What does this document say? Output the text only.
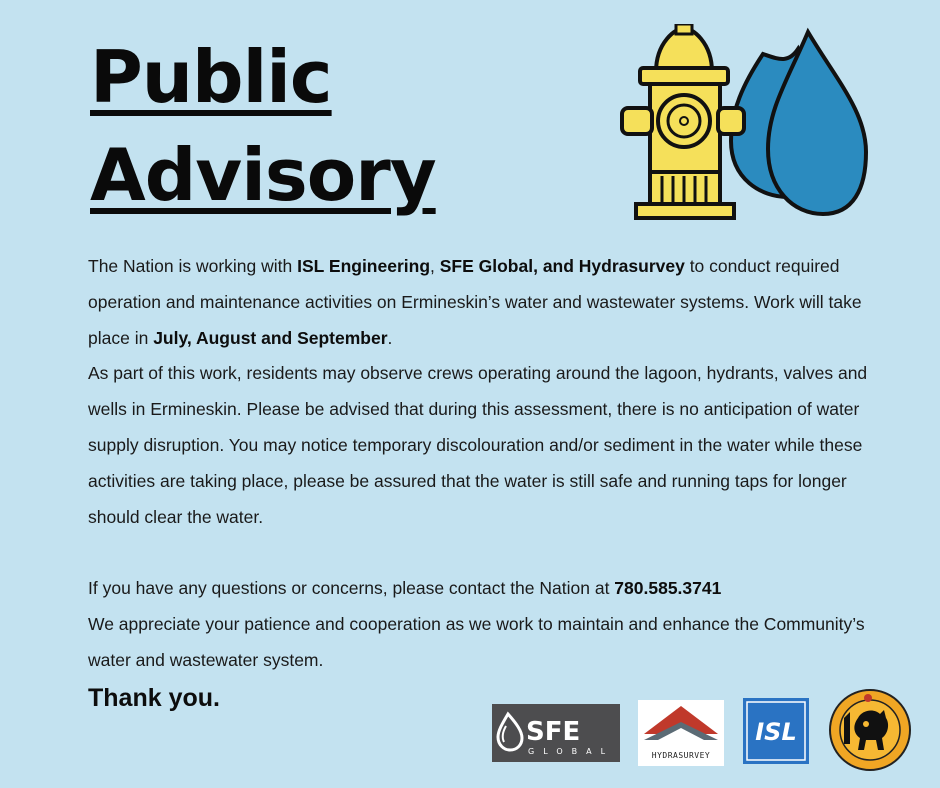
Public
Advisory

The Nation is working with ISL Engineering, SFE Global, and Hydrasurvey to conduct required operation and maintenance activities on Ermineskin’s water and wastewater systems. Work will take place in July, August and September.

As part of this work, residents may observe crews operating around the lagoon, hydrants, valves and wells in Ermineskin. Please be advised that during this assessment, there is no anticipation of water supply disruption. You may notice temporary discolouration and/or sediment in the water while these activities are taking place, please be assured that the water is still safe and running taps for longer should clear the water.

If you have any questions or concerns, please contact the Nation at 780.585.3741

We appreciate your patience and cooperation as we work to maintain and enhance the Community’s water and wastewater system.

Thank you.
SFE
GLOBAL	HYDRASURVEY
ISL
